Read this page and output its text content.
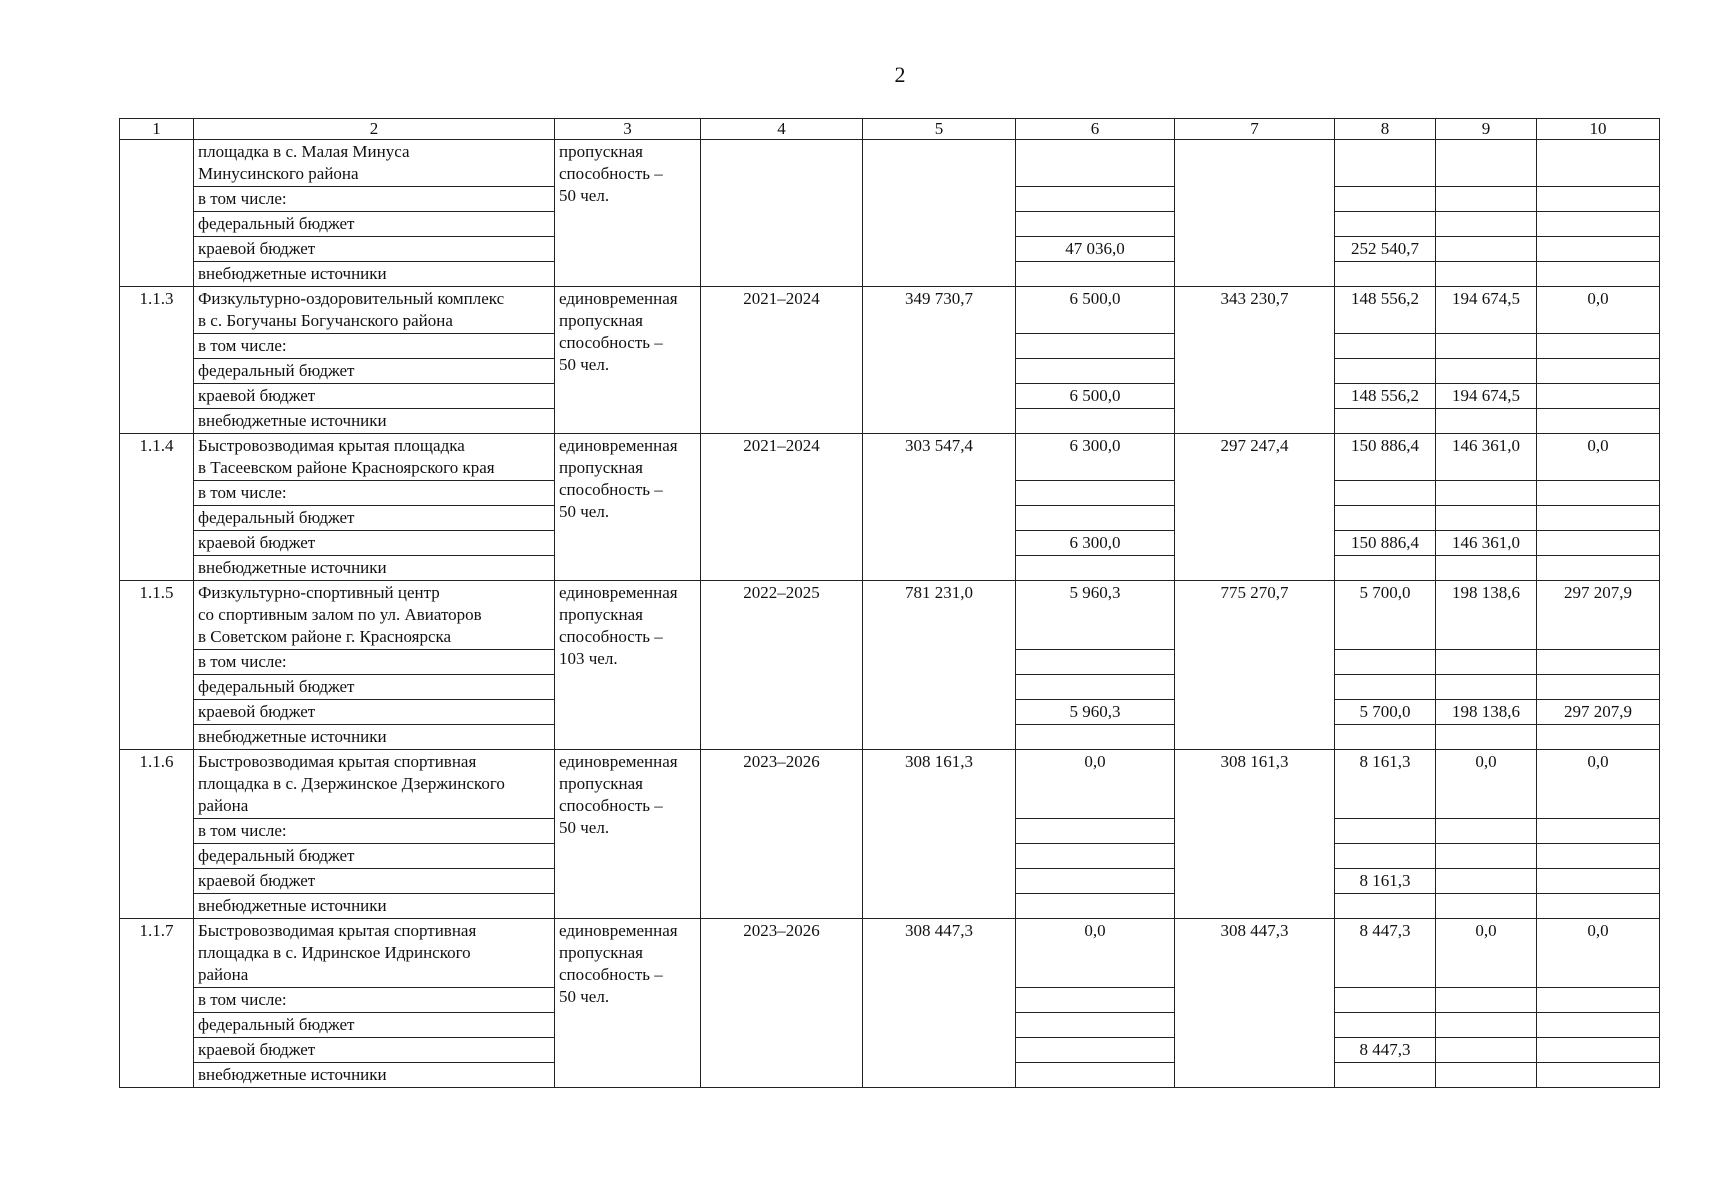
2
1	2	3	4	5	6	7	8	9	10

	площадка в с. Малая Минуса
Минусинского района	пропускная
способность –
50 чел.							

	в том числе:								
	федеральный бюджет								
	краевой бюджет				47 036,0		252 540,7		
	внебюджетные источники								
1.1.3	Физкультурно-оздоровительный комплекс
в с. Богучаны Богучанского района	единовременная
пропускная
способность –
50 чел.	2021–2024	349 730,7	6 500,0	343 230,7	148 556,2	194 674,5	0,0
	в том числе:								
	федеральный бюджет								
	краевой бюджет				6 500,0		148 556,2	194 674,5	
	внебюджетные источники								
1.1.4	Быстровозводимая крытая площадка
в Тасеевском районе Красноярского края	единовременная
пропускная
способность –
50 чел.	2021–2024	303 547,4	6 300,0	297 247,4	150 886,4	146 361,0	0,0
	в том числе:								
	федеральный бюджет								
	краевой бюджет				6 300,0		150 886,4	146 361,0	
	внебюджетные источники								
1.1.5	Физкультурно-спортивный центр
со спортивным залом по ул. Авиаторов
в Советском районе г. Красноярска	единовременная
пропускная
способность –
103 чел.	2022–2025	781 231,0	5 960,3	775 270,7	5 700,0	198 138,6	297 207,9
	в том числе:								
	федеральный бюджет								
	краевой бюджет				5 960,3		5 700,0	198 138,6	297 207,9
	внебюджетные источники								
1.1.6	Быстровозводимая крытая спортивная
площадка в с. Дзержинское Дзержинского
района	единовременная
пропускная
способность –
50 чел.	2023–2026	308 161,3	0,0	308 161,3	8 161,3	0,0	0,0
	в том числе:								
	федеральный бюджет								
	краевой бюджет						8 161,3		
	внебюджетные источники								
1.1.7	Быстровозводимая крытая спортивная
площадка в с. Идринское Идринского
района	единовременная
пропускная
способность –
50 чел.	2023–2026	308 447,3	0,0	308 447,3	8 447,3	0,0	0,0
	в том числе:								
	федеральный бюджет								
	краевой бюджет						8 447,3		
	внебюджетные источники								
